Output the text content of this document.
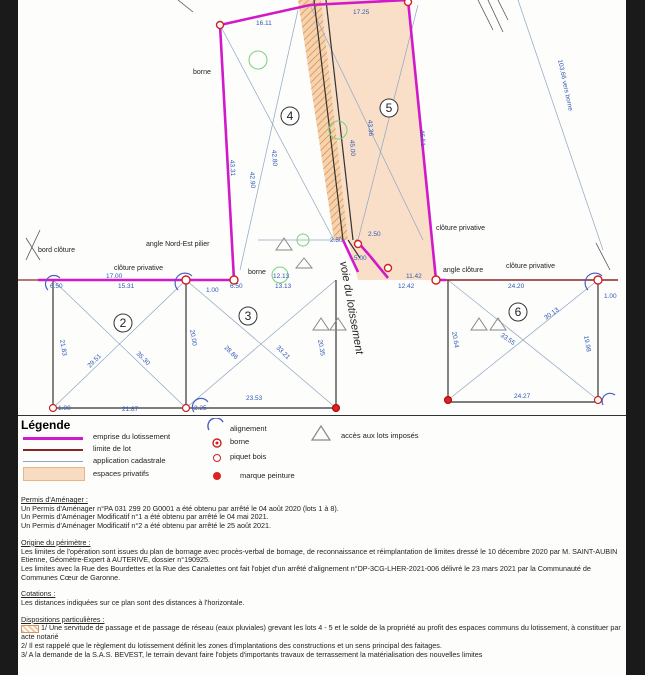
4
5
2	3	6
borne
borne
bord clôture
angle Nord-Est pilier
clôture privative
clôture privative
clôture privative
angle clôture
voie du lotissement
16.11
17.25
43.31
42.80
42.90
43.36
45.00
46.51
17.00
15.31
6.50
12.13
13.13
6.50
11.42
12.42	24.20
21.83
29.51	35.30
20.00
28.86	33.21	20.35
23.53
21.87
20.64	33.55
30.13
19.98
24.27
2.50
2.50
5.00
1.00
1.00
1.00
2.25
103.66 vers borne
Légende
emprise du lotissement
limite de lot
application cadastrale
espaces privatifs
alignement
borne
piquet bois
marque peinture
accès aux lots imposés
Permis d'Aménager :
Un Permis d'Aménager n°PA 031 299 20 G0001 a été obtenu par arrêté le 04 août 2020 (lots 1 à 8).
Un Permis d'Aménager Modificatif n°1 a été obtenu par arrêté le 04 mai 2021.
Un Permis d'Aménager Modificatif n°2 a été obtenu par arrêté le 25 août 2021.
Origine du périmètre :
Les limites de l'opération sont issues du plan de bornage avec procès-verbal de bornage, de reconnaissance et réimplantation de limites dressé le 10 décembre 2020 par M. SAINT-AUBIN Etienne, Géomètre-Expert à AUTERIVE, dossier n°190925.
Les limites avec la Rue des Bourdettes et la Rue des Canalettes ont fait l'objet d'un arrêté d'alignement n°DP-3CG-LHER-2021-006 délivré le 23 mars 2021 par la Communauté de Communes Cœur de Garonne.
Cotations :
Les distances indiquées sur ce plan sont des distances à l'horizontale.
Dispositions particulières :
1/ Une servitude de passage et de passage de réseau (eaux pluviales) grevant les lots 4 - 5 et le solde de la propriété au profit des espaces communs du lotissement, à constituer par acte notarié
2/ Il est rappelé que le règlement du lotissement définit les zones d'implantations des constructions et un sens principal des faitages.
3/ A la demande de la S.A.S. BEVEST, le terrain devant faire l'objets d'importants travaux de terrassement la matérialisation des nouvelles limites
